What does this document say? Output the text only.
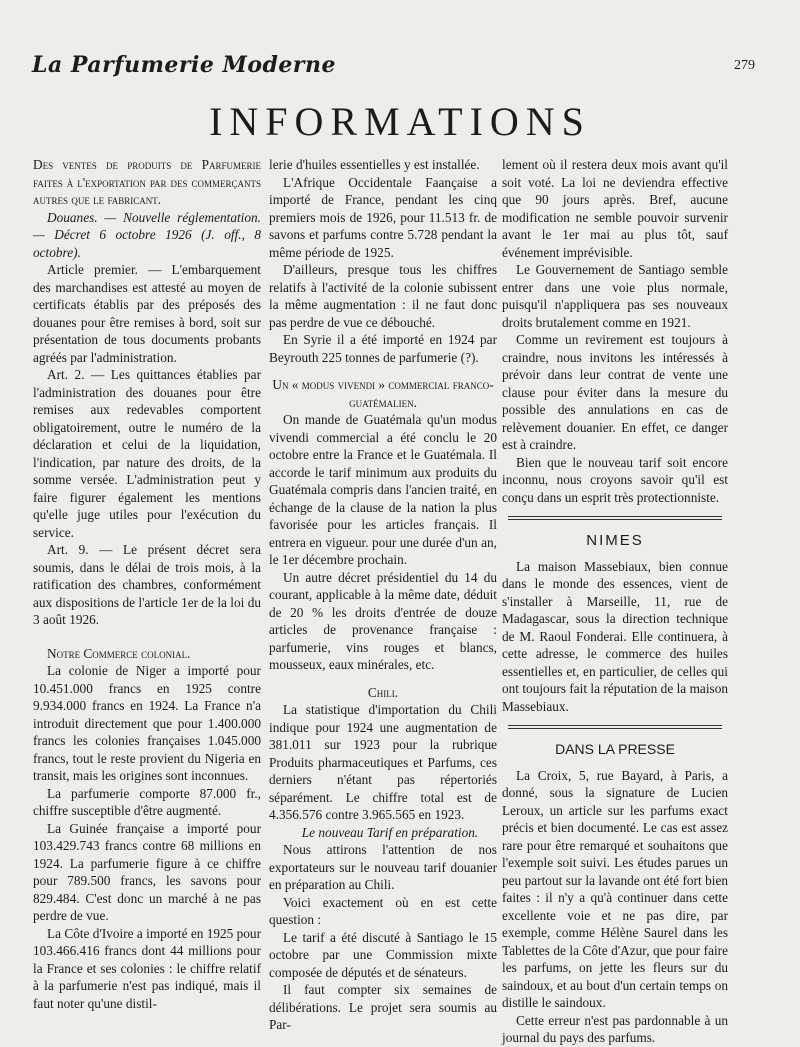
La Parfumerie Moderne	279
INFORMATIONS

Des ventes de produits de Parfumerie faites à l'exportation par des commerçants autres que le fabricant.

Douanes. — Nouvelle réglementation. — Décret 6 octobre 1926 (J. off., 8 octobre).

Article premier. — L'embarquement des marchandises est attesté au moyen de certificats établis par des préposés des douanes pour être remises à bord, soit sur présentation de tous documents probants agréés par l'administration.

Art. 2. — Les quittances établies par l'administration des douanes pour être remises aux redevables comportent obligatoirement, outre le numéro de la déclaration et celui de la liquidation, l'indication, par nature des droits, de la somme versée. L'administration peut y faire figurer également les mentions qu'elle juge utiles pour l'exécution du service.

Art. 9. — Le présent décret sera soumis, dans le délai de trois mois, à la ratification des chambres, conformément aux dispositions de l'article 1er de la loi du 3 août 1926.

Notre Commerce colonial.

La colonie de Niger a importé pour 10.451.000 francs en 1925 contre 9.934.000 francs en 1924. La France n'a introduit directement que pour 1.400.000 francs les colonies françaises 1.045.000 francs, tout le reste provient du Nigeria en transit, mais les origines sont inconnues.

La parfumerie comporte 87.000 fr., chiffre susceptible d'être augmenté.

La Guinée française a importé pour 103.429.743 francs contre 68 millions en 1924. La parfumerie figure à ce chiffre pour 789.500 francs, les savons pour 829.484. C'est donc un marché à ne pas perdre de vue.

La Côte d'Ivoire a importé en 1925 pour 103.466.416 francs dont 44 millions pour la France et ses colonies : le chiffre relatif à la parfumerie n'est pas indiqué, mais il faut noter qu'une distil-

lerie d'huiles essentielles y est installée.

L'Afrique Occidentale Faançaise a importé de France, pendant les cinq premiers mois de 1926, pour 11.513 fr. de savons et parfums contre 5.728 pendant la même période de 1925.

D'ailleurs, presque tous les chiffres relatifs à l'activité de la colonie subissent la même augmentation : il ne faut donc pas perdre de vue ce débouché.

En Syrie il a été importé en 1924 par Beyrouth 225 tonnes de parfumerie (?).

Un « modus vivendi » commercial franco-guatémalien.

On mande de Guatémala qu'un modus vivendi commercial a été conclu le 20 octobre entre la France et le Guatémala. Il accorde le tarif minimum aux produits du Guatémala compris dans l'ancien traité, en échange de la clause de la nation la plus favorisée pour les articles français. Il entrera en vigueur. pour une durée d'un an, le 1er décembre prochain.

Un autre décret présidentiel du 14 du courant, applicable à la même date, déduit de 20 % les droits d'entrée de douze articles de provenance française : parfumerie, vins rouges et blancs, mousseux, eaux minérales, etc.

Chili.

La statistique d'importation du Chili indique pour 1924 une augmentation de 381.011 sur 1923 pour la rubrique Produits pharmaceutiques et Parfums, ces derniers n'étant pas répertoriés séparément. Le chiffre total est de 4.356.576 contre 3.965.565 en 1923.

Le nouveau Tarif en préparation.

Nous attirons l'attention de nos exportateurs sur le nouveau tarif douanier en préparation au Chili.

Voici exactement où en est cette question :

Le tarif a été discuté à Santiago le 15 octobre par une Commission mixte composée de députés et de sénateurs.

Il faut compter six semaines de délibérations. Le projet sera soumis au Par-

lement où il restera deux mois avant qu'il soit voté. La loi ne deviendra effective que 90 jours après. Bref, aucune modification ne semble pouvoir survenir avant le 1er mai au plus tôt, sauf événement imprévisible.

Le Gouvernement de Santiago semble entrer dans une voie plus normale, puisqu'il n'appliquera pas ses nouveaux droits brutalement comme en 1921.

Comme un revirement est toujours à craindre, nous invitons les intéressés à prévoir dans leur contrat de vente une clause pour éviter dans la mesure du possible des annulations en cas de relèvement douanier. En effet, ce danger est à craindre.

Bien que le nouveau tarif soit encore inconnu, nous croyons savoir qu'il est conçu dans un esprit très protectionniste.

NIMES

La maison Massebiaux, bien connue dans le monde des essences, vient de s'installer à Marseille, 11, rue de Madagascar, sous la direction technique de M. Raoul Fonderai. Elle continuera, à cette adresse, le commerce des huiles essentielles et, en particulier, de celles qui ont toujours fait la réputation de la maison Massebiaux.

DANS LA PRESSE

La Croix, 5, rue Bayard, à Paris, a donné, sous la signature de Lucien Leroux, un article sur les parfums exact précis et bien documenté. Le cas est assez rare pour être remarqué et souhaitons que l'exemple soit suivi. Les études parues un peu partout sur la lavande ont été fort bien faites : il n'y a qu'à continuer dans cette excellente voie et ne pas dire, par exemple, comme Hélène Saurel dans les Tablettes de la Côte d'Azur, que pour faire les parfums, on jette les fleurs sur du saindoux, et au bout d'un certain temps on distille le saindoux.

Cette erreur n'est pas pardonnable à un journal du pays des parfums.
